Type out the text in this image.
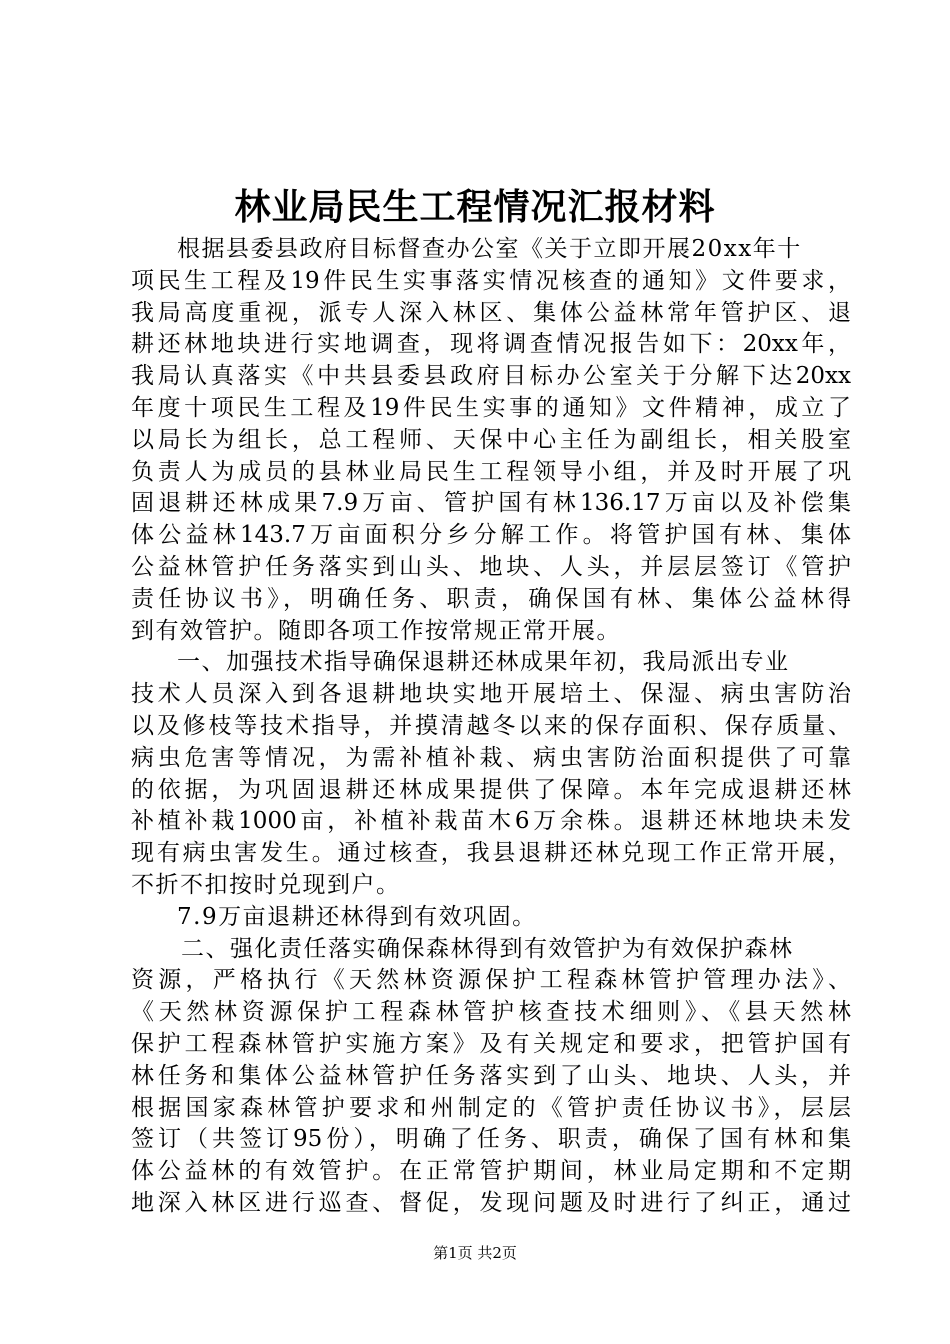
林业局民生工程情况汇报材料
根据县委县政府目标督查办公室《关于立即开展20xx年十
项民生工程及19件民生实事落实情况核查的通知》文件要求，
我局高度重视，派专人深入林区、集体公益林常年管护区、退
耕还林地块进行实地调查，现将调查情况报告如下：20xx年，
我局认真落实《中共县委县政府目标办公室关于分解下达20xx
年度十项民生工程及19件民生实事的通知》文件精神，成立了
以局长为组长，总工程师、天保中心主任为副组长，相关股室
负责人为成员的县林业局民生工程领导小组，并及时开展了巩
固退耕还林成果7.9万亩、管护国有林136.17万亩以及补偿集
体公益林143.7万亩面积分乡分解工作。将管护国有林、集体
公益林管护任务落实到山头、地块、人头，并层层签订《管护
责任协议书》，明确任务、职责，确保国有林、集体公益林得
到有效管护。随即各项工作按常规正常开展。
一、加强技术指导确保退耕还林成果年初，我局派出专业
技术人员深入到各退耕地块实地开展培土、保湿、病虫害防治
以及修枝等技术指导，并摸清越冬以来的保存面积、保存质量、
病虫危害等情况，为需补植补栽、病虫害防治面积提供了可靠
的依据，为巩固退耕还林成果提供了保障。本年完成退耕还林
补植补栽1000亩，补植补栽苗木6万余株。退耕还林地块未发
现有病虫害发生。通过核查，我县退耕还林兑现工作正常开展，
不折不扣按时兑现到户。
7.9万亩退耕还林得到有效巩固。
二、强化责任落实确保森林得到有效管护为有效保护森林
资源，严格执行《天然林资源保护工程森林管护管理办法》、
《天然林资源保护工程森林管护核查技术细则》、《县天然林
保护工程森林管护实施方案》及有关规定和要求，把管护国有
林任务和集体公益林管护任务落实到了山头、地块、人头，并
根据国家森林管护要求和州制定的《管护责任协议书》，层层
签订（共签订95份），明确了任务、职责，确保了国有林和集
体公益林的有效管护。在正常管护期间，林业局定期和不定期
地深入林区进行巡查、督促，发现问题及时进行了纠正，通过
第1页 共2页
